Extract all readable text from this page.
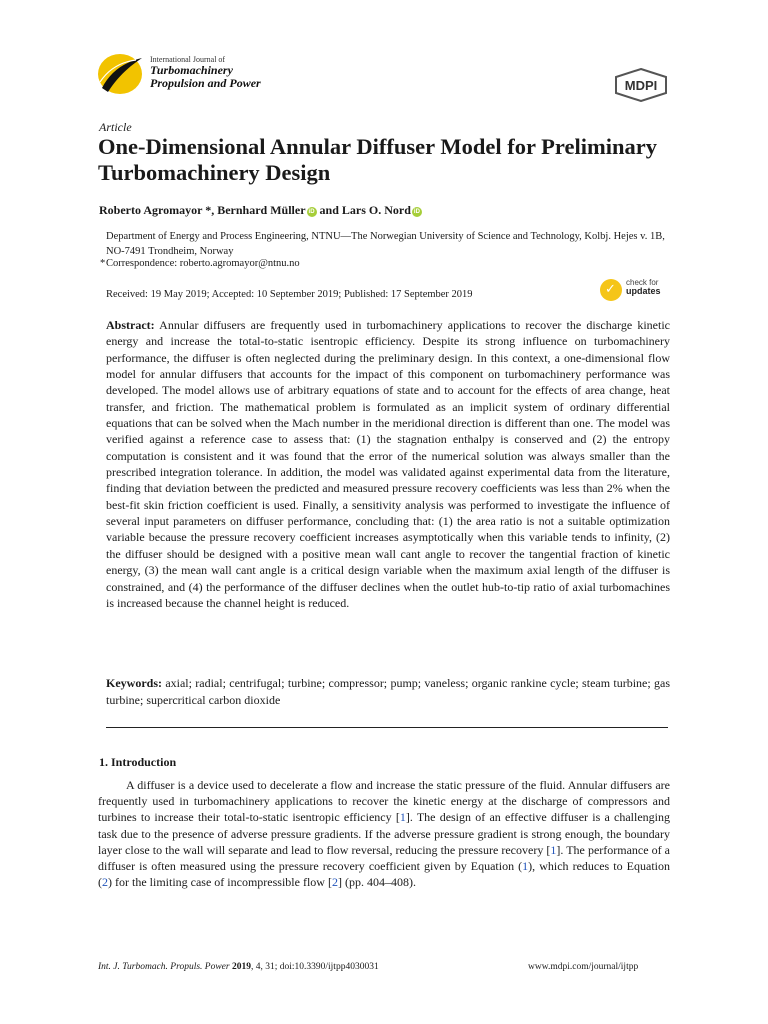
International Journal of
Turbomachinery
Propulsion and Power	MDPI
Article
One-Dimensional Annular Diffuser Model for Preliminary Turbomachinery Design
Roberto Agromayor *, Bernhard Müller iD and Lars O. Nord iD
Department of Energy and Process Engineering, NTNU—The Norwegian University of Science and Technology, Kolbj. Hejes v. 1B, NO-7491 Trondheim, Norway
* Correspondence: roberto.agromayor@ntnu.no
Received: 19 May 2019; Accepted: 10 September 2019; Published: 17 September 2019	✓ check for
updates

Abstract: Annular diffusers are frequently used in turbomachinery applications to recover the discharge kinetic energy and increase the total-to-static isentropic efficiency. Despite its strong influence on turbomachinery performance, the diffuser is often neglected during the preliminary design. In this context, a one-dimensional flow model for annular diffusers that accounts for the impact of this component on turbomachinery performance was developed. The model allows use of arbitrary equations of state and to account for the effects of area change, heat transfer, and friction. The mathematical problem is formulated as an implicit system of ordinary differential equations that can be solved when the Mach number in the meridional direction is different than one. The model was verified against a reference case to assess that: (1) the stagnation enthalpy is conserved and (2) the entropy computation is consistent and it was found that the error of the numerical solution was always smaller than the prescribed integration tolerance. In addition, the model was validated against experimental data from the literature, finding that deviation between the predicted and measured pressure recovery coefficients was less than 2% when the best-fit skin friction coefficient is used. Finally, a sensitivity analysis was performed to investigate the influence of several input parameters on diffuser performance, concluding that: (1) the area ratio is not a suitable optimization variable because the pressure recovery coefficient increases asymptotically when this variable tends to infinity, (2) the diffuser should be designed with a positive mean wall cant angle to recover the tangential fraction of kinetic energy, (3) the mean wall cant angle is a critical design variable when the maximum axial length of the diffuser is constrained, and (4) the performance of the diffuser declines when the outlet hub-to-tip ratio of axial turbomachines is increased because the channel height is reduced.

Keywords: axial; radial; centrifugal; turbine; compressor; pump; vaneless; organic rankine cycle; steam turbine; gas turbine; supercritical carbon dioxide

1. Introduction

A diffuser is a device used to decelerate a flow and increase the static pressure of the fluid. Annular diffusers are frequently used in turbomachinery applications to recover the kinetic energy at the discharge of compressors and turbines to increase their total-to-static isentropic efficiency [1]. The design of an effective diffuser is a challenging task due to the presence of adverse pressure gradients. If the adverse pressure gradient is strong enough, the boundary layer close to the wall will separate and lead to flow reversal, reducing the pressure recovery [1]. The performance of a diffuser is often measured using the pressure recovery coefficient given by Equation (1), which reduces to Equation (2) for the limiting case of incompressible flow [2] (pp. 404–408).

Int. J. Turbomach. Propuls. Power 2019, 4, 31; doi:10.3390/ijtpp4030031	www.mdpi.com/journal/ijtpp
